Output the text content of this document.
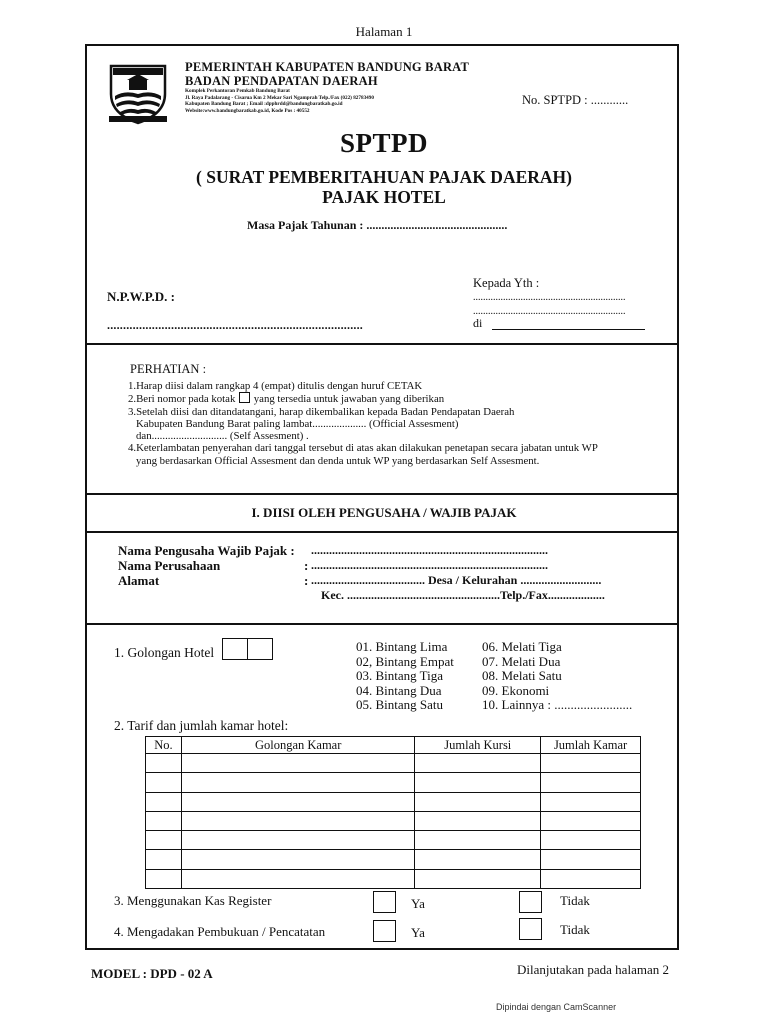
Halaman 1
PEMERINTAH KABUPATEN BANDUNG BARAT
BADAN PENDAPATAN DAERAH
Komplek Perkantoran Pemkab Bandung Barat
Jl. Raya Padalarang - Cisarua Km 2 Mekar Sari Ngamprah Telp./Fax (022) 82783490
Kabupaten Bandung Barat ; Email :dpphrdd@bandungbaratkab.go.id
Website:www.bandungbaratkab.go.id, Kode Pos : 40552
No. SPTPD : ............
SPTPD
( SURAT PEMBERITAHUAN PAJAK DAERAH)
PAJAK HOTEL
Masa Pajak Tahunan : ...............................................
N.P.W.P.D. :
................................................................................
Kepada Yth :
.............................................................
.............................................................
di
PERHATIAN :
1.Harap diisi dalam rangkap 4 (empat) ditulis dengan huruf CETAK
2.Beri nomor pada kotak yang tersedia untuk jawaban yang diberikan
3.Setelah diisi dan ditandatangani, harap dikembalikan kepada Badan Pendapatan Daerah
Kabupaten Bandung Barat paling lambat.................... (Official Assesment)
dan............................ (Self Assesment) .
4.Keterlambatan penyerahan dari tanggal tersebut di atas akan dilakukan penetapan secara jabatan untuk WP
yang berdasarkan Official Assesment dan denda untuk WP yang berdasarkan Self Assesment.
I. DIISI OLEH PENGUSAHA / WAJIB PAJAK
Nama Pengusaha Wajib Pajak : ...............................................................................
Nama Perusahaan	: ...............................................................................
Alamat	: ...................................... Desa / Kelurahan ...........................
Kec. ...................................................Telp./Fax...................
1. Golongan Hotel	01. Bintang Lima
02, Bintang Empat
03. Bintang Tiga
04. Bintang Dua
05. Bintang Satu
06. Melati Tiga
07. Melati Dua
08. Melati Satu
09. Ekonomi
10. Lainnya : ........................
2. Tarif dan jumlah kamar hotel:
No.	Golongan Kamar	Jumlah Kursi	Jumlah Kamar

3. Menggunakan Kas Register	Ya	Tidak
4. Mengadakan Pembukuan / Pencatatan	Ya	Tidak
MODEL : DPD - 02 A	Dilanjutakan pada halaman 2
Dipindai dengan CamScanner
